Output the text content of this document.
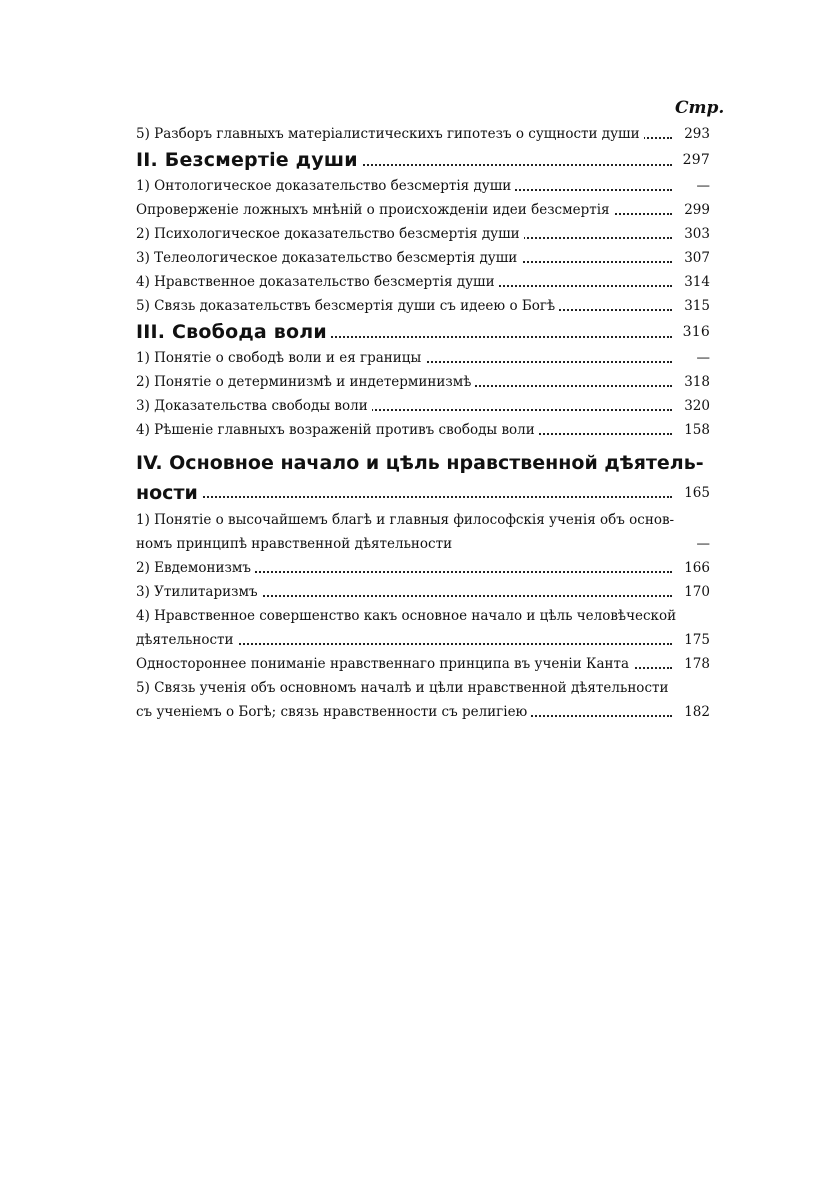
Стр.
5) Разборъ главныхъ матеріалистическихъ гипотезъ о сущности души	293
II. Безсмертіе души	297
1) Онтологическое доказательство безсмертія души	—
Опроверженіе ложныхъ мнѣній о происхожденіи идеи безсмертія	299
2) Психологическое доказательство безсмертія души	303
3) Телеологическое доказательство безсмертія души	307
4) Нравственное доказательство безсмертія души	314
5) Связь доказательствъ безсмертія души съ идеею о Богѣ	315
III. Свобода воли	316
1) Понятіе о свободѣ воли и ея границы	—
2) Понятіе о детерминизмѣ и индетерминизмѣ	318
3) Доказательства свободы воли	320
4) Рѣшеніе главныхъ возраженій противъ свободы воли	158
IV. Основное начало и цѣль нравственной дѣятель-
ности	165
1) Понятіе о высочайшемъ благѣ и главныя философскія ученія объ основ-
номъ принципѣ нравственной дѣятельности	—
2) Евдемонизмъ	166
3) Утилитаризмъ	170
4) Нравственное совершенство какъ основное начало и цѣль человѣческой
дѣятельности	175
Одностороннее пониманіе нравственнаго принципа въ ученіи Канта	178
5) Связь ученія объ основномъ началѣ и цѣли нравственной дѣятельности
съ ученіемъ о Богѣ; связь нравственности съ религіею	182
